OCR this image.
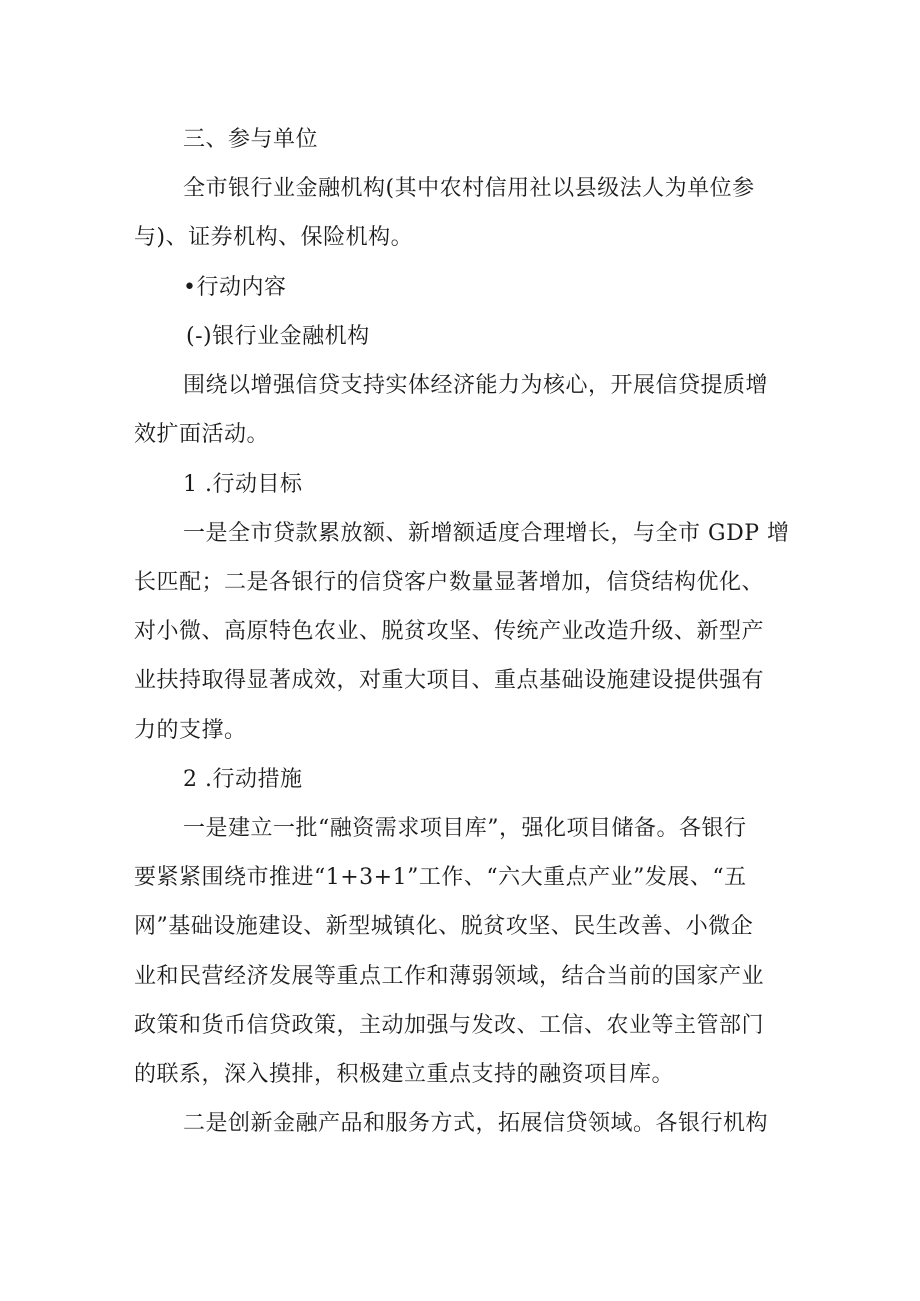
三、参与单位
全市银行业金融机构(其中农村信用社以县级法人为单位参
与)、证券机构、保险机构。
•行动内容
(-)银行业金融机构
围绕以增强信贷支持实体经济能力为核心，开展信贷提质增
效扩面活动。
1 .行动目标
一是全市贷款累放额、新增额适度合理增长，与全市 GDP 增
长匹配；二是各银行的信贷客户数量显著增加，信贷结构优化、
对小微、高原特色农业、脱贫攻坚、传统产业改造升级、新型产
业扶持取得显著成效，对重大项目、重点基础设施建设提供强有
力的支撑。
2 .行动措施
一是建立一批“融资需求项目库”，强化项目储备。各银行
要紧紧围绕市推进“1+3+1”工作、“六大重点产业”发展、“五
网”基础设施建设、新型城镇化、脱贫攻坚、民生改善、小微企
业和民营经济发展等重点工作和薄弱领域，结合当前的国家产业
政策和货币信贷政策，主动加强与发改、工信、农业等主管部门
的联系，深入摸排，积极建立重点支持的融资项目库。
二是创新金融产品和服务方式，拓展信贷领域。各银行机构
